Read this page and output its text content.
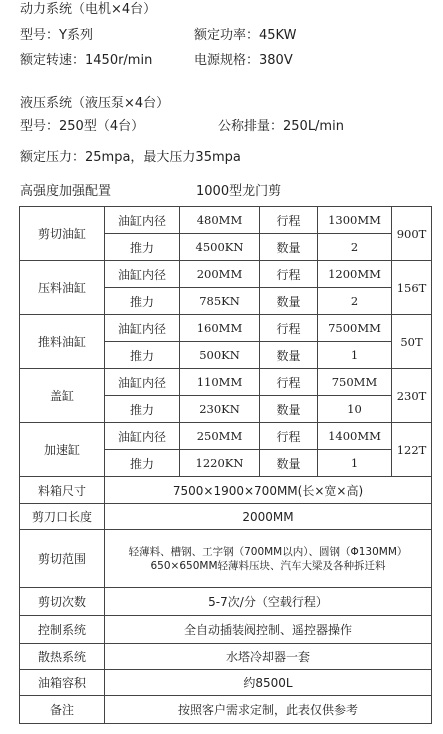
动力系统（电机×4台）
型号：Y系列	额定功率：45KW
额定转速：1450r/min	电源规格：380V
液压系统（液压泵×4台）
型号：250型（4台）	公称排量：250L/min
额定压力：25mpa，最大压力35mpa
高强度加强配置	1000型龙门剪
剪切油缸	油缸内径	480MM	行程	1300MM	900T
	推力	4500KN	数量	2	
压料油缸	油缸内径	200MM	行程	1200MM	156T
	推力	785KN	数量	2	
推料油缸	油缸内径	160MM	行程	7500MM	50T
	推力	500KN	数量	1	
盖缸	油缸内径	110MM	行程	750MM	230T
	推力	230KN	数量	10	
加速缸	油缸内径	250MM	行程	1400MM	122T
	推力	1220KN	数量	1	
料箱尺寸	7500×1900×700MM(长×宽×高)				
剪刀口长度	2000MM				
剪切范围	轻薄料、槽钢、工字钢（700MM以内）、圆钢（Φ130MM）650×650MM轻薄料压块、汽车大梁及各种拆迁料				
剪切次数	5-7次/分（空载行程）				
控制系统	全自动插装阀控制、遥控器操作				
散热系统	水塔冷却器一套				
油箱容积	约8500L				
备注	按照客户需求定制，此表仅供参考				
